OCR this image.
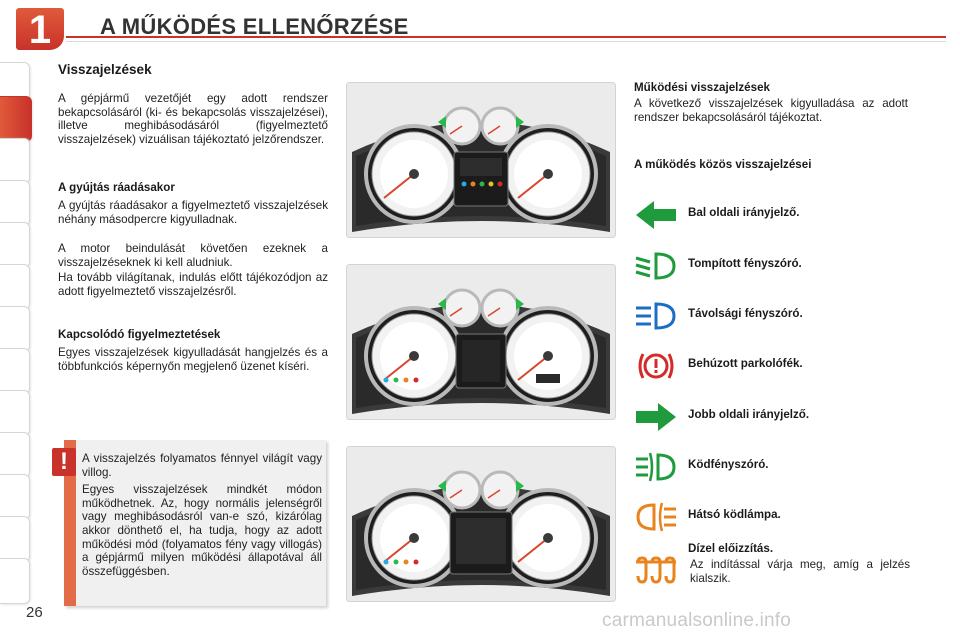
1	A MŰKÖDÉS ELLENŐRZÉSE
Visszajelzések
A gépjármű vezetőjét egy adott rendszer bekapcsolásáról (ki- és bekapcsolás visszajelzései), illetve meghibásodásáról (figyelmeztető visszajelzések) vizuálisan tájékoztató jelzőrendszer.
A gyújtás ráadásakor
A gyújtás ráadásakor a figyelmeztető visszajelzések néhány másodpercre kigyulladnak.
A motor beindulását követően ezeknek a visszajelzéseknek ki kell aludniuk.
Ha tovább világítanak, indulás előtt tájékozódjon az adott figyelmeztető visszajelzésről.
Kapcsolódó figyelmeztetések
Egyes visszajelzések kigyulladását hangjelzés és a többfunkciós képernyőn megjelenő üzenet kíséri.
!	A visszajelzés folyamatos fénnyel világít vagy villog.
Egyes visszajelzések mindkét módon működhetnek. Az, hogy normális jelenségről vagy meghibásodásról van-e szó, kizárólag akkor dönthető el, ha tudja, hogy az adott működési mód (folyamatos fény vagy villogás) a gépjármű milyen működési állapotával áll összefüggésben.
26
Működési visszajelzések
A következő visszajelzések kigyulladása az adott rendszer bekapcsolásáról tájékoztat.
A működés közös visszajelzései
Bal oldali irányjelző.
Tompított fényszóró.
Távolsági fényszóró.
Behúzott parkolófék.
Jobb oldali irányjelző.
Ködfényszóró.
Hátsó ködlámpa.
Dízel előizzítás.
Az indítással várja meg, amíg a jelzés kialszik.
carmanualsonline.info
